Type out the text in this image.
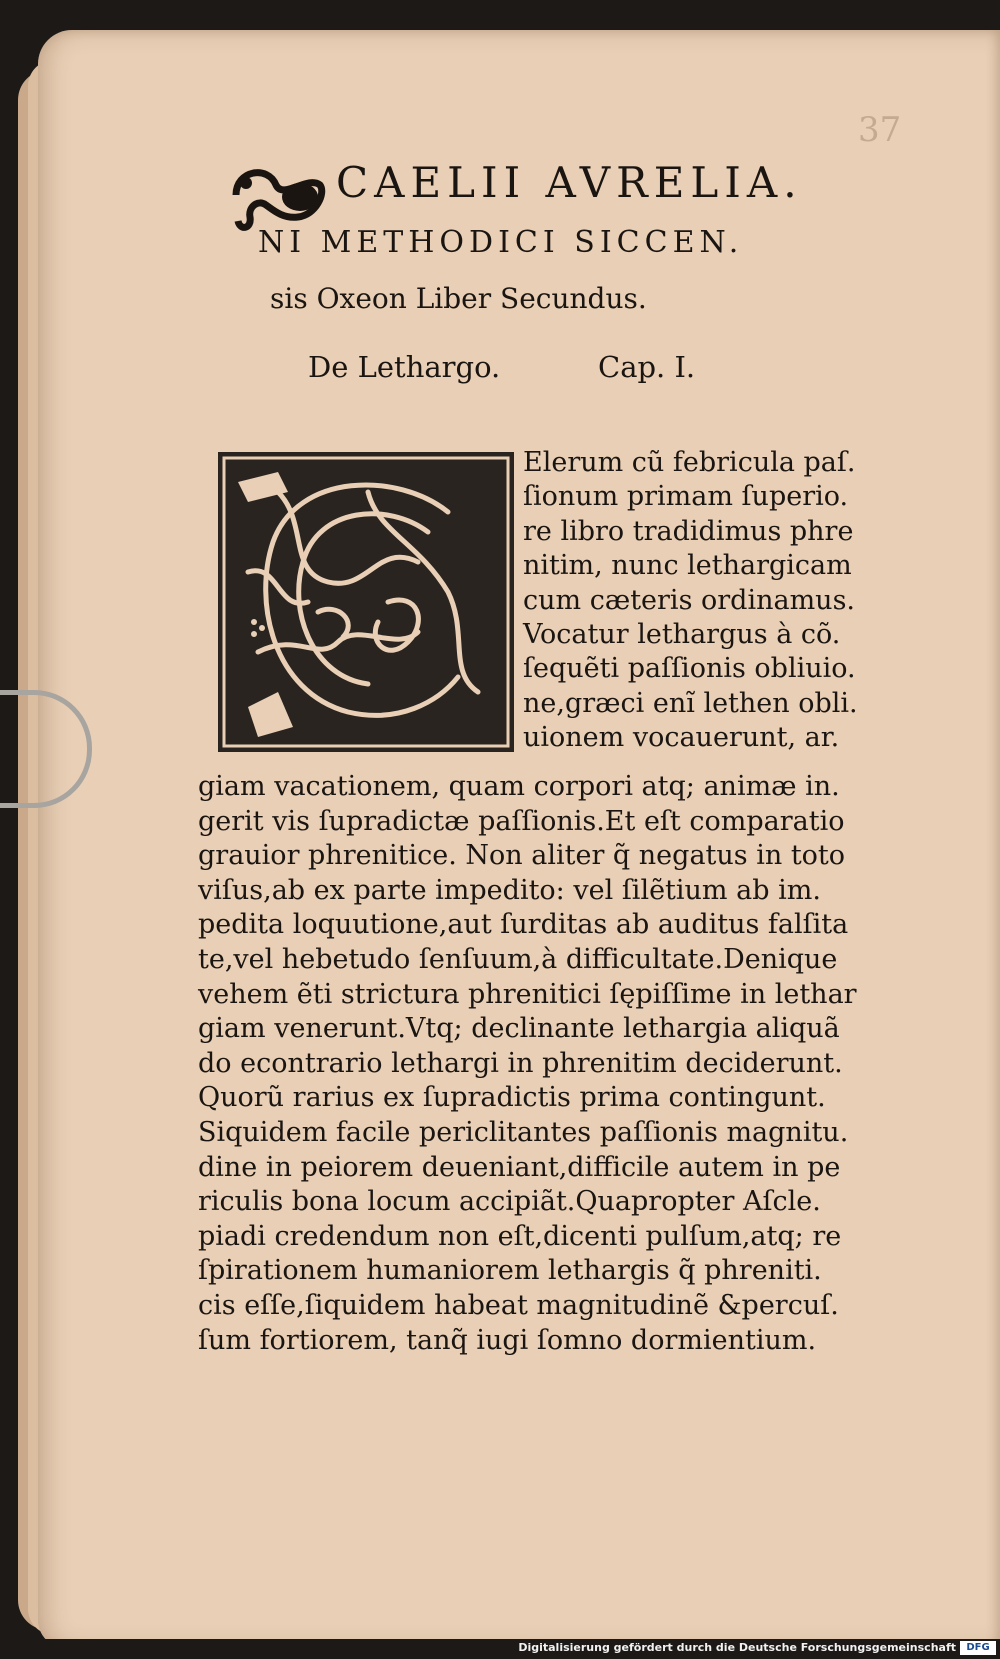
37
CAELII AVRELIA.
NI METHODICI SICCEN.
sis Oxeon Liber Secundus.
De Lethargo.	Cap. I.
Elerum cũ febricula paſ.
ſionum primam ſuperio.
re libro tradidimus phre
nitim, nunc lethargicam
cum cæteris ordinamus.
Vocatur lethargus à cõ.
ſequẽti paſſionis obliuio.
ne,græci enĩ lethen obli.
uionem vocauerunt, ar.
giam vacationem, quam corpori atq; animæ in.
gerit vis ſupradictæ paſſionis.Et eſt comparatio
grauior phrenitice. Non aliter q̃ negatus in toto
viſus,ab ex parte impedito: vel ſilẽtium ab im.
pedita loquutione,aut ſurditas ab auditus falſita
te,vel hebetudo ſenſuum,à difficultate.Denique
vehem ẽti strictura phrenitici ſępiſſime in lethar
giam venerunt.Vtq; declinante lethargia aliquã
do econtrario lethargi in phrenitim deciderunt.
Quorũ rarius ex ſupradictis prima contingunt.
Siquidem facile periclitantes paſſionis magnitu.
dine in peiorem deueniant,difficile autem in pe
riculis bona locum accipiãt.Quapropter Aſcle.
piadi credendum non eſt,dicenti pulſum,atq; re
ſpirationem humaniorem lethargis q̃ phreniti.
cis eſſe,ſiquidem habeat magnitudinẽ &percuſ.
ſum fortiorem, tanq̃ iugi ſomno dormientium.
Digitalisierung gefördert durch die Deutsche Forschungsgemeinschaft	DFG
